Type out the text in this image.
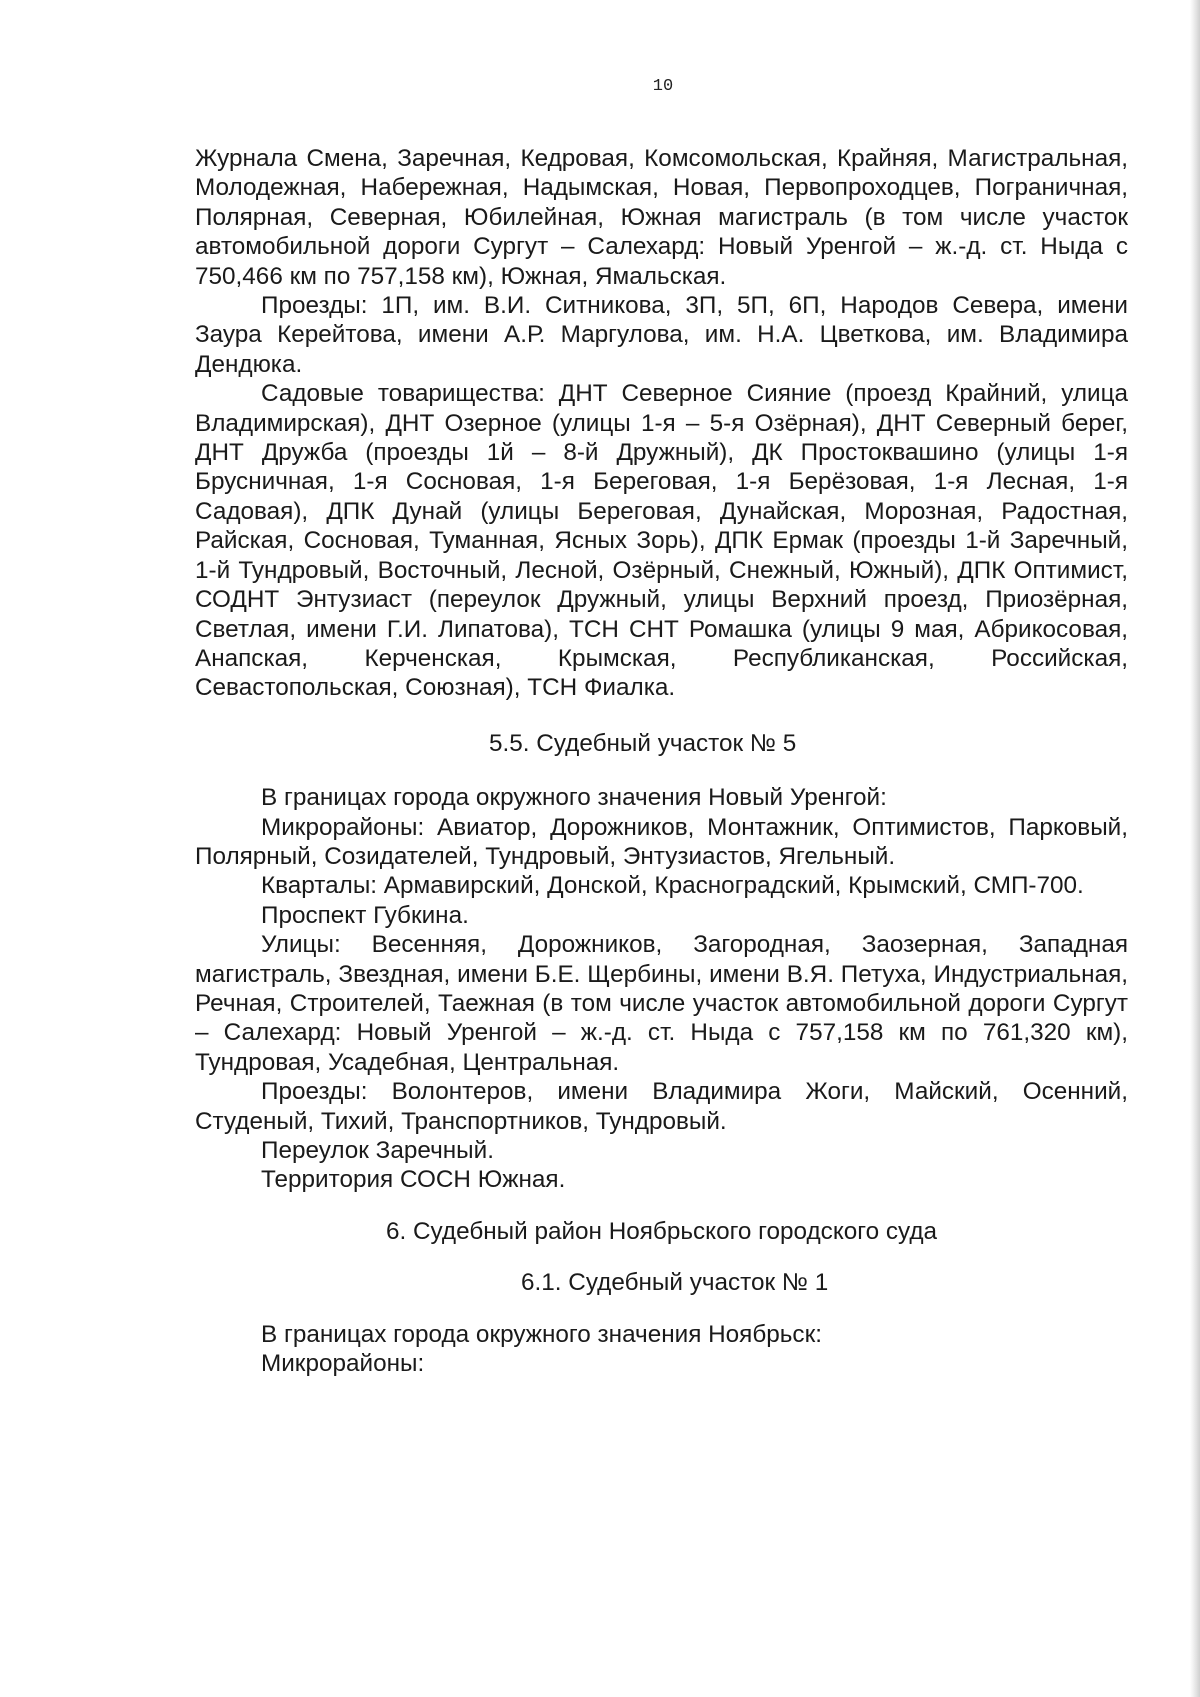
10

Журнала Смена, Заречная, Кедровая, Комсомольская, Крайняя, Магистральная, Молодежная, Набережная, Надымская, Новая, Первопроходцев, Пограничная, Полярная, Северная, Юбилейная, Южная магистраль (в том числе участок автомобильной дороги Сургут – Салехард: Новый Уренгой – ж.-д. ст. Ныда с 750,466 км по 757,158 км), Южная, Ямальская.

Проезды: 1П, им. В.И. Ситникова, 3П, 5П, 6П, Народов Севера, имени Заура Керейтова, имени А.Р. Маргулова, им. Н.А. Цветкова, им. Владимира Дендюка.

Садовые товарищества: ДНТ Северное Сияние (проезд Крайний, улица Владимирская), ДНТ Озерное (улицы 1-я – 5-я Озёрная), ДНТ Северный берег, ДНТ Дружба (проезды 1й – 8-й Дружный), ДК Простоквашино (улицы 1-я Брусничная, 1-я Сосновая, 1-я Береговая, 1-я Берёзовая, 1-я Лесная, 1-я Садовая), ДПК Дунай (улицы Береговая, Дунайская, Морозная, Радостная, Райская, Сосновая, Туманная, Ясных Зорь), ДПК Ермак (проезды 1-й Заречный, 1-й Тундровый, Восточный, Лесной, Озёрный, Снежный, Южный), ДПК Оптимист, СОДНТ Энтузиаст (переулок Дружный, улицы Верхний проезд, Приозёрная, Светлая, имени Г.И. Липатова), ТСН СНТ Ромашка (улицы 9 мая, Абрикосовая, Анапская, Керченская, Крымская, Республиканская, Российская, Севастопольская, Союзная), ТСН Фиалка.

5.5. Судебный участок № 5

В границах города окружного значения Новый Уренгой:

Микрорайоны: Авиатор, Дорожников, Монтажник, Оптимистов, Парковый, Полярный, Созидателей, Тундровый, Энтузиастов, Ягельный.

Кварталы: Армавирский, Донской, Красноградский, Крымский, СМП-700.

Проспект Губкина.

Улицы: Весенняя, Дорожников, Загородная, Заозерная, Западная магистраль, Звездная, имени Б.Е. Щербины, имени В.Я. Петуха, Индустриальная, Речная, Строителей, Таежная (в том числе участок автомобильной дороги Сургут – Салехард: Новый Уренгой – ж.-д. ст. Ныда с 757,158 км по 761,320 км), Тундровая, Усадебная, Центральная.

Проезды: Волонтеров, имени Владимира Жоги, Майский, Осенний, Студеный, Тихий, Транспортников, Тундровый.

Переулок Заречный.

Территория СОСН Южная.

6. Судебный район Ноябрьского городского суда
6.1. Судебный участок № 1

В границах города окружного значения Ноябрьск:

Микрорайоны:
